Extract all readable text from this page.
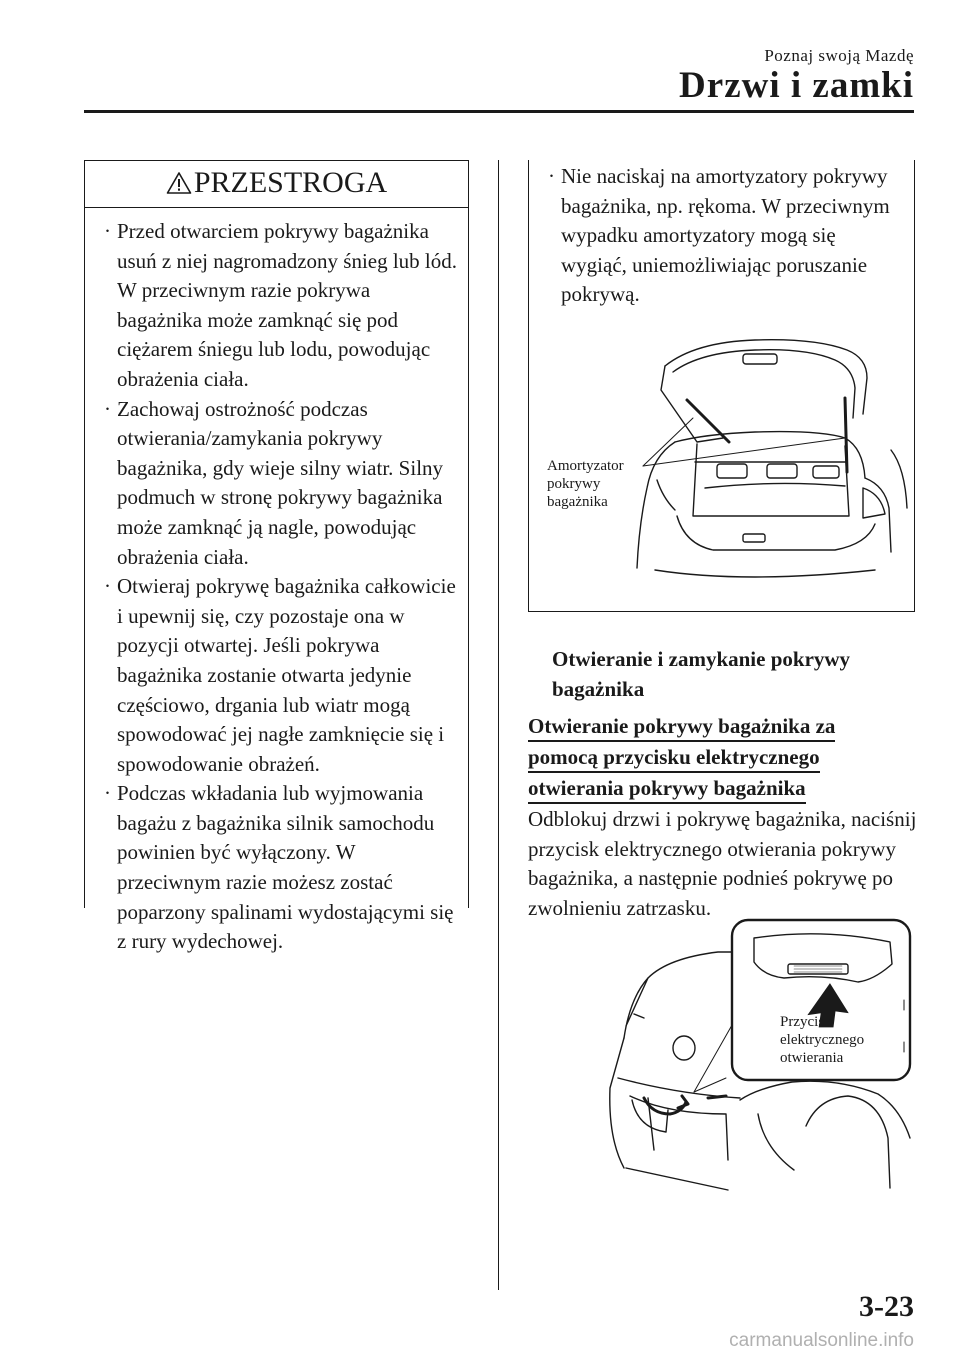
Poznaj swoją Mazdę
Drzwi i zamki
PRZESTROGA
· Przed otwarciem pokrywy bagażnika usuń z niej nagromadzony śnieg lub lód. W przeciwnym razie pokrywa bagażnika może zamknąć się pod ciężarem śniegu lub lodu, powodując obrażenia ciała.
· Zachowaj ostrożność podczas otwierania/zamykania pokrywy bagażnika, gdy wieje silny wiatr. Silny podmuch w stronę pokrywy bagażnika może zamknąć ją nagle, powodując obrażenia ciała.
· Otwieraj pokrywę bagażnika całkowicie i upewnij się, czy pozostaje ona w pozycji otwartej. Jeśli pokrywa bagażnika zostanie otwarta jedynie częściowo, drgania lub wiatr mogą spowodować jej nagłe zamknięcie się i spowodowanie obrażeń.
· Podczas wkładania lub wyjmowania bagażu z bagażnika silnik samochodu powinien być wyłączony. W przeciwnym razie możesz zostać poparzony spalinami wydostającymi się z rury wydechowej.
· Nie naciskaj na amortyzatory pokrywy bagażnika, np. rękoma. W przeciwnym wypadku amortyzatory mogą się wygiąć, uniemożliwiając poruszanie pokrywą.
Amortyzator
pokrywy
bagażnika
Otwieranie i zamykanie pokrywy bagażnika
Otwieranie pokrywy bagażnika za
pomocą przycisku elektrycznego
otwierania pokrywy bagażnika
Odblokuj drzwi i pokrywę bagażnika, naciśnij przycisk elektrycznego otwierania pokrywy bagażnika, a następnie podnieś pokrywę po zwolnieniu zatrzasku.
Przycisk
elektrycznego
otwierania
3-23
carmanualsonline.info
